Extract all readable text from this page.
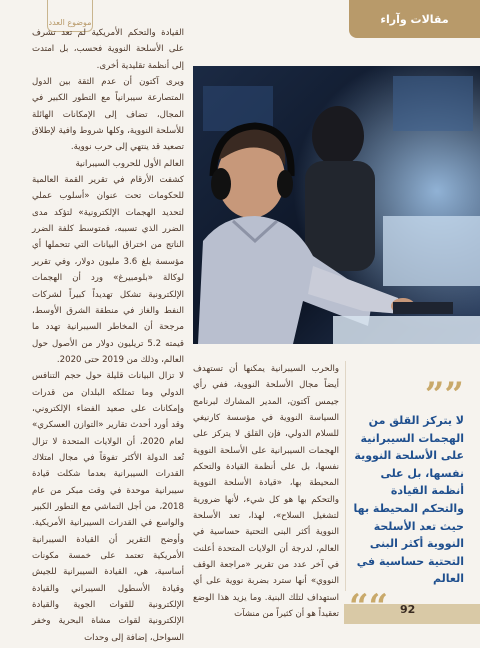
مقالات وآراء
موضوع العدد

القيادة والتحكم الأمريكية لم تعد تشرف على الأسلحة النووية فحسب، بل امتدت إلى أنظمة تقليدية أخرى.

ويرى آكتون أن عدم الثقة بين الدول المتصارعة سيبرانياً مع التطور الكبير في المجال، تضاف إلى الإمكانات الهائلة للأسلحة النووية، وكلها شروط وافية لإطلاق تصعيد قد ينتهي إلى حرب نووية.

العالم الأول للحروب السيبرانية

كشفت الأرقام في تقرير القمة العالمية للحكومات تحت عنوان «أسلوب عملي لتحديد الهجمات الإلكترونية» لتؤكد مدى الضرر الذي تسببه، فمتوسط كلفة الضرر الناتج من اختراق البيانات التي تتحملها أي مؤسسة بلغ 3.6 مليون دولار، وفي تقرير لوكالة «بلومبيرغ» ورد أن الهجمات الإلكترونية تشكل تهديداً كبيراً لشركات النفط والغاز في منطقة الشرق الأوسط، مرجحة أن المخاطر السيبرانية تهدد ما قيمته 5.2 تريليون دولار من الأصول حول العالم، وذلك من 2019 حتى 2020.

لا تزال البيانات قليلة حول حجم التنافس الدولي وما تمتلكه البلدان من قدرات وإمكانات على صعيد الفضاء الإلكتروني، وقد أورد أحدث تقارير «التوازن العسكري» لعام 2020، أن الولايات المتحدة لا تزال تُعد الدولة الأكثر تفوقاً في مجال امتلاك القدرات السيبرانية بعدما شكلت قيادة سيبرانية موحدة في وقت مبكر من عام 2018، من أجل التماشي مع التطور الكبير والواسع في القدرات السيبرانية الأمريكية. وأوضح التقرير أن القيادة السيبرانية الأمريكية تعتمد على خمسة مكونات أساسية، هي، القيادة السيبرانية للجيش وقيادة الأسطول السيبراني والقيادة الإلكترونية للقوات الجوية والقيادة الإلكترونية لقوات مشاة البحرية وخفر السواحل، إضافة إلى وحدات

والحرب السيبرانية يمكنها أن تستهدف أيضاً مجال الأسلحة النووية، ففي رأي جيمس آكتون، المدير المشارك لبرنامج السياسة النووية في مؤسسة كارنيغي للسلام الدولي، فإن القلق لا يتركز على الهجمات السيبرانية على الأسلحة النووية نفسها، بل على أنظمة القيادة والتحكم المحيطة بها، «قيادة الأسلحة النووية والتحكم بها هو كل شيء، لأنها ضرورية لتشغيل السلاح»، لهذا، تعد الأسلحة النووية أكثر البنى التحتية حساسية في العالم، لدرجة أن الولايات المتحدة أعلنت في آخر عدد من تقرير «مراجعة الوقف النووي» أنها سترد بضربة نووية على أي استهداف لتلك البنية. وما يزيد هذا الوضع تعقيداً هو أن كثيراً من منشآت

””
لا يتركز القلق من الهجمات السيبرانية على الأسلحة النووية نفسها، بل على أنظمة القيادة والتحكم المحيطة بها حيث تعد الأسلحة النووية أكثر البنى التحتية حساسية في العالم
92
